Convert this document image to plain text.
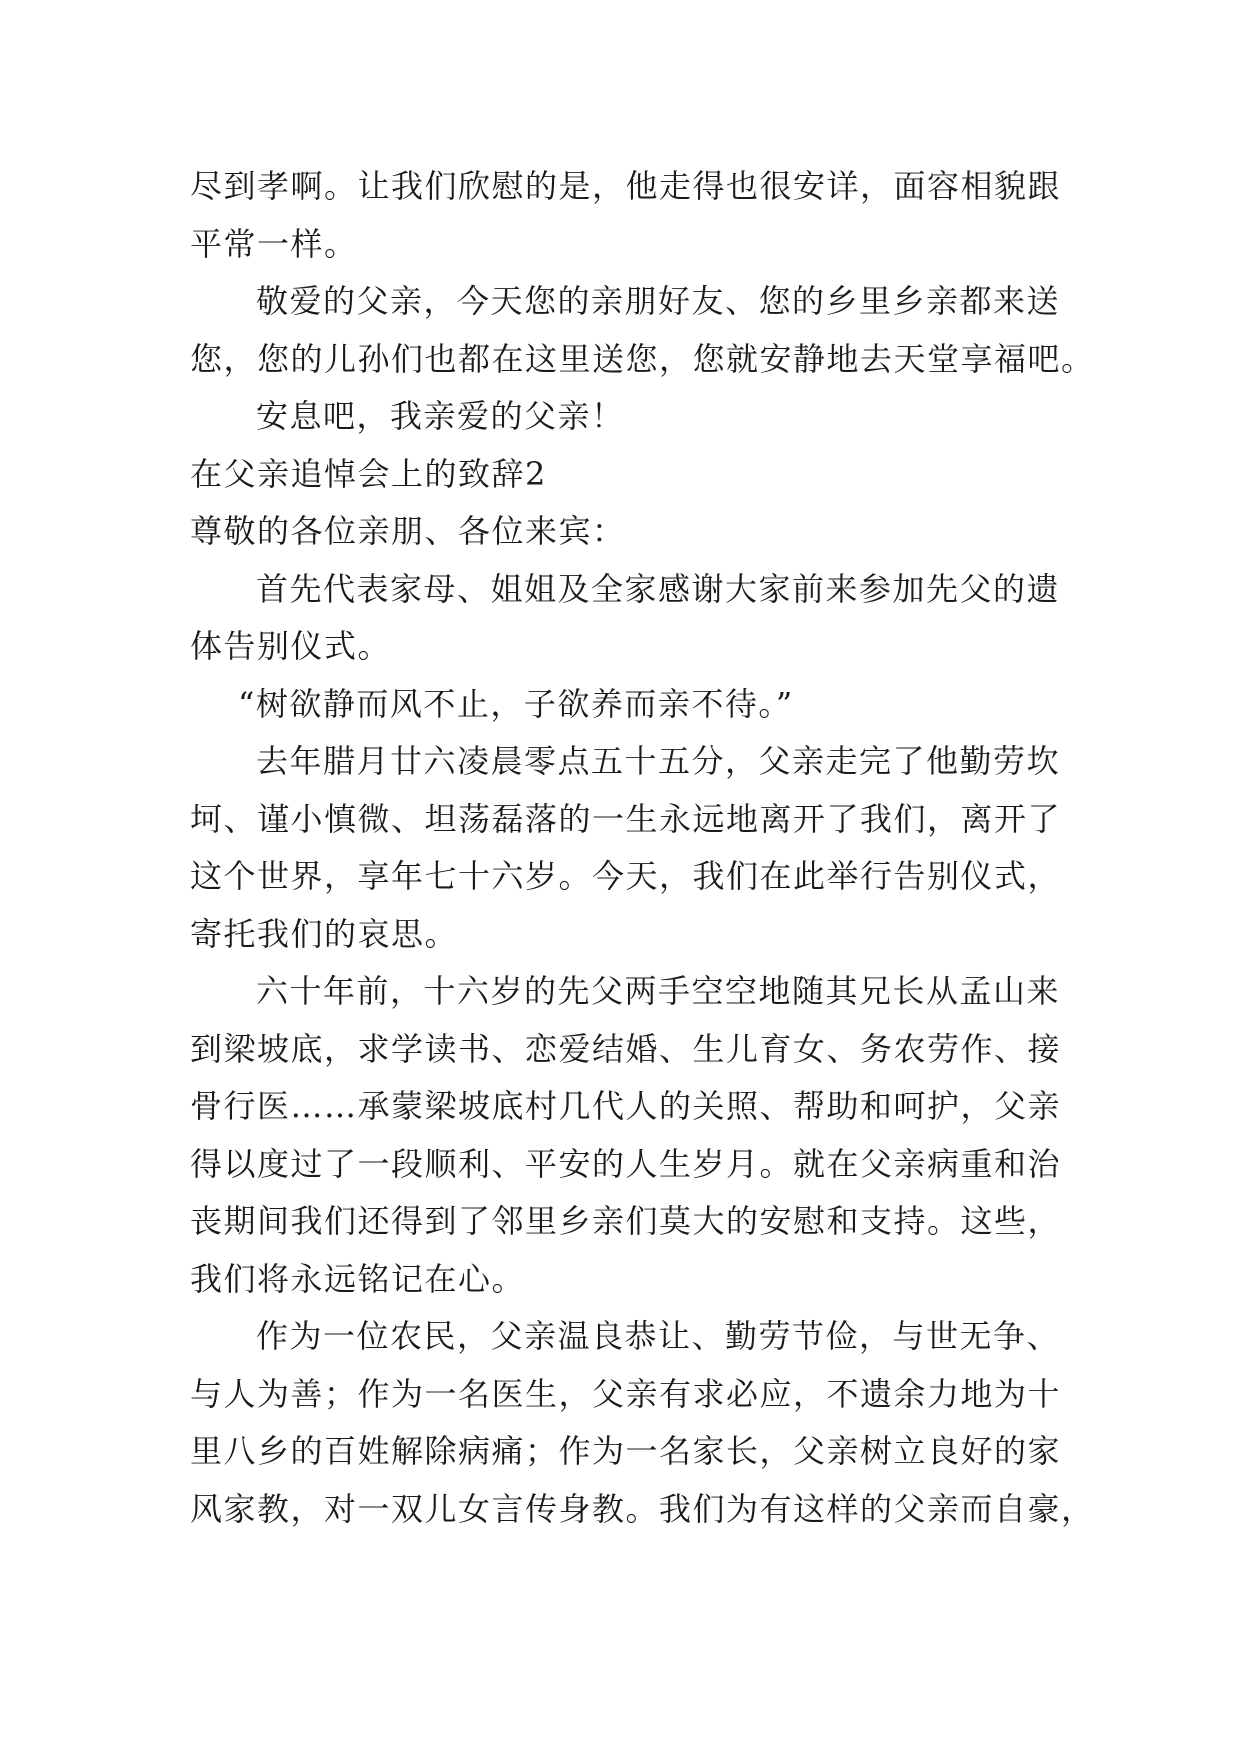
尽到孝啊。让我们欣慰的是，他走得也很安详，面容相貌跟
平常一样。
敬爱的父亲，今天您的亲朋好友、您的乡里乡亲都来送
您，您的儿孙们也都在这里送您，您就安静地去天堂享福吧。
安息吧，我亲爱的父亲！
在父亲追悼会上的致辞2
尊敬的各位亲朋、各位来宾：
首先代表家母、姐姐及全家感谢大家前来参加先父的遗
体告别仪式。
“树欲静而风不止，子欲养而亲不待。”
去年腊月廿六凌晨零点五十五分，父亲走完了他勤劳坎
坷、谨小慎微、坦荡磊落的一生永远地离开了我们，离开了
这个世界，享年七十六岁。今天，我们在此举行告别仪式，
寄托我们的哀思。
六十年前，十六岁的先父两手空空地随其兄长从孟山来
到梁坡底，求学读书、恋爱结婚、生儿育女、务农劳作、接
骨行医……承蒙梁坡底村几代人的关照、帮助和呵护，父亲
得以度过了一段顺利、平安的人生岁月。就在父亲病重和治
丧期间我们还得到了邻里乡亲们莫大的安慰和支持。这些，
我们将永远铭记在心。
作为一位农民，父亲温良恭让、勤劳节俭，与世无争、
与人为善；作为一名医生，父亲有求必应，不遗余力地为十
里八乡的百姓解除病痛；作为一名家长，父亲树立良好的家
风家教，对一双儿女言传身教。我们为有这样的父亲而自豪，
